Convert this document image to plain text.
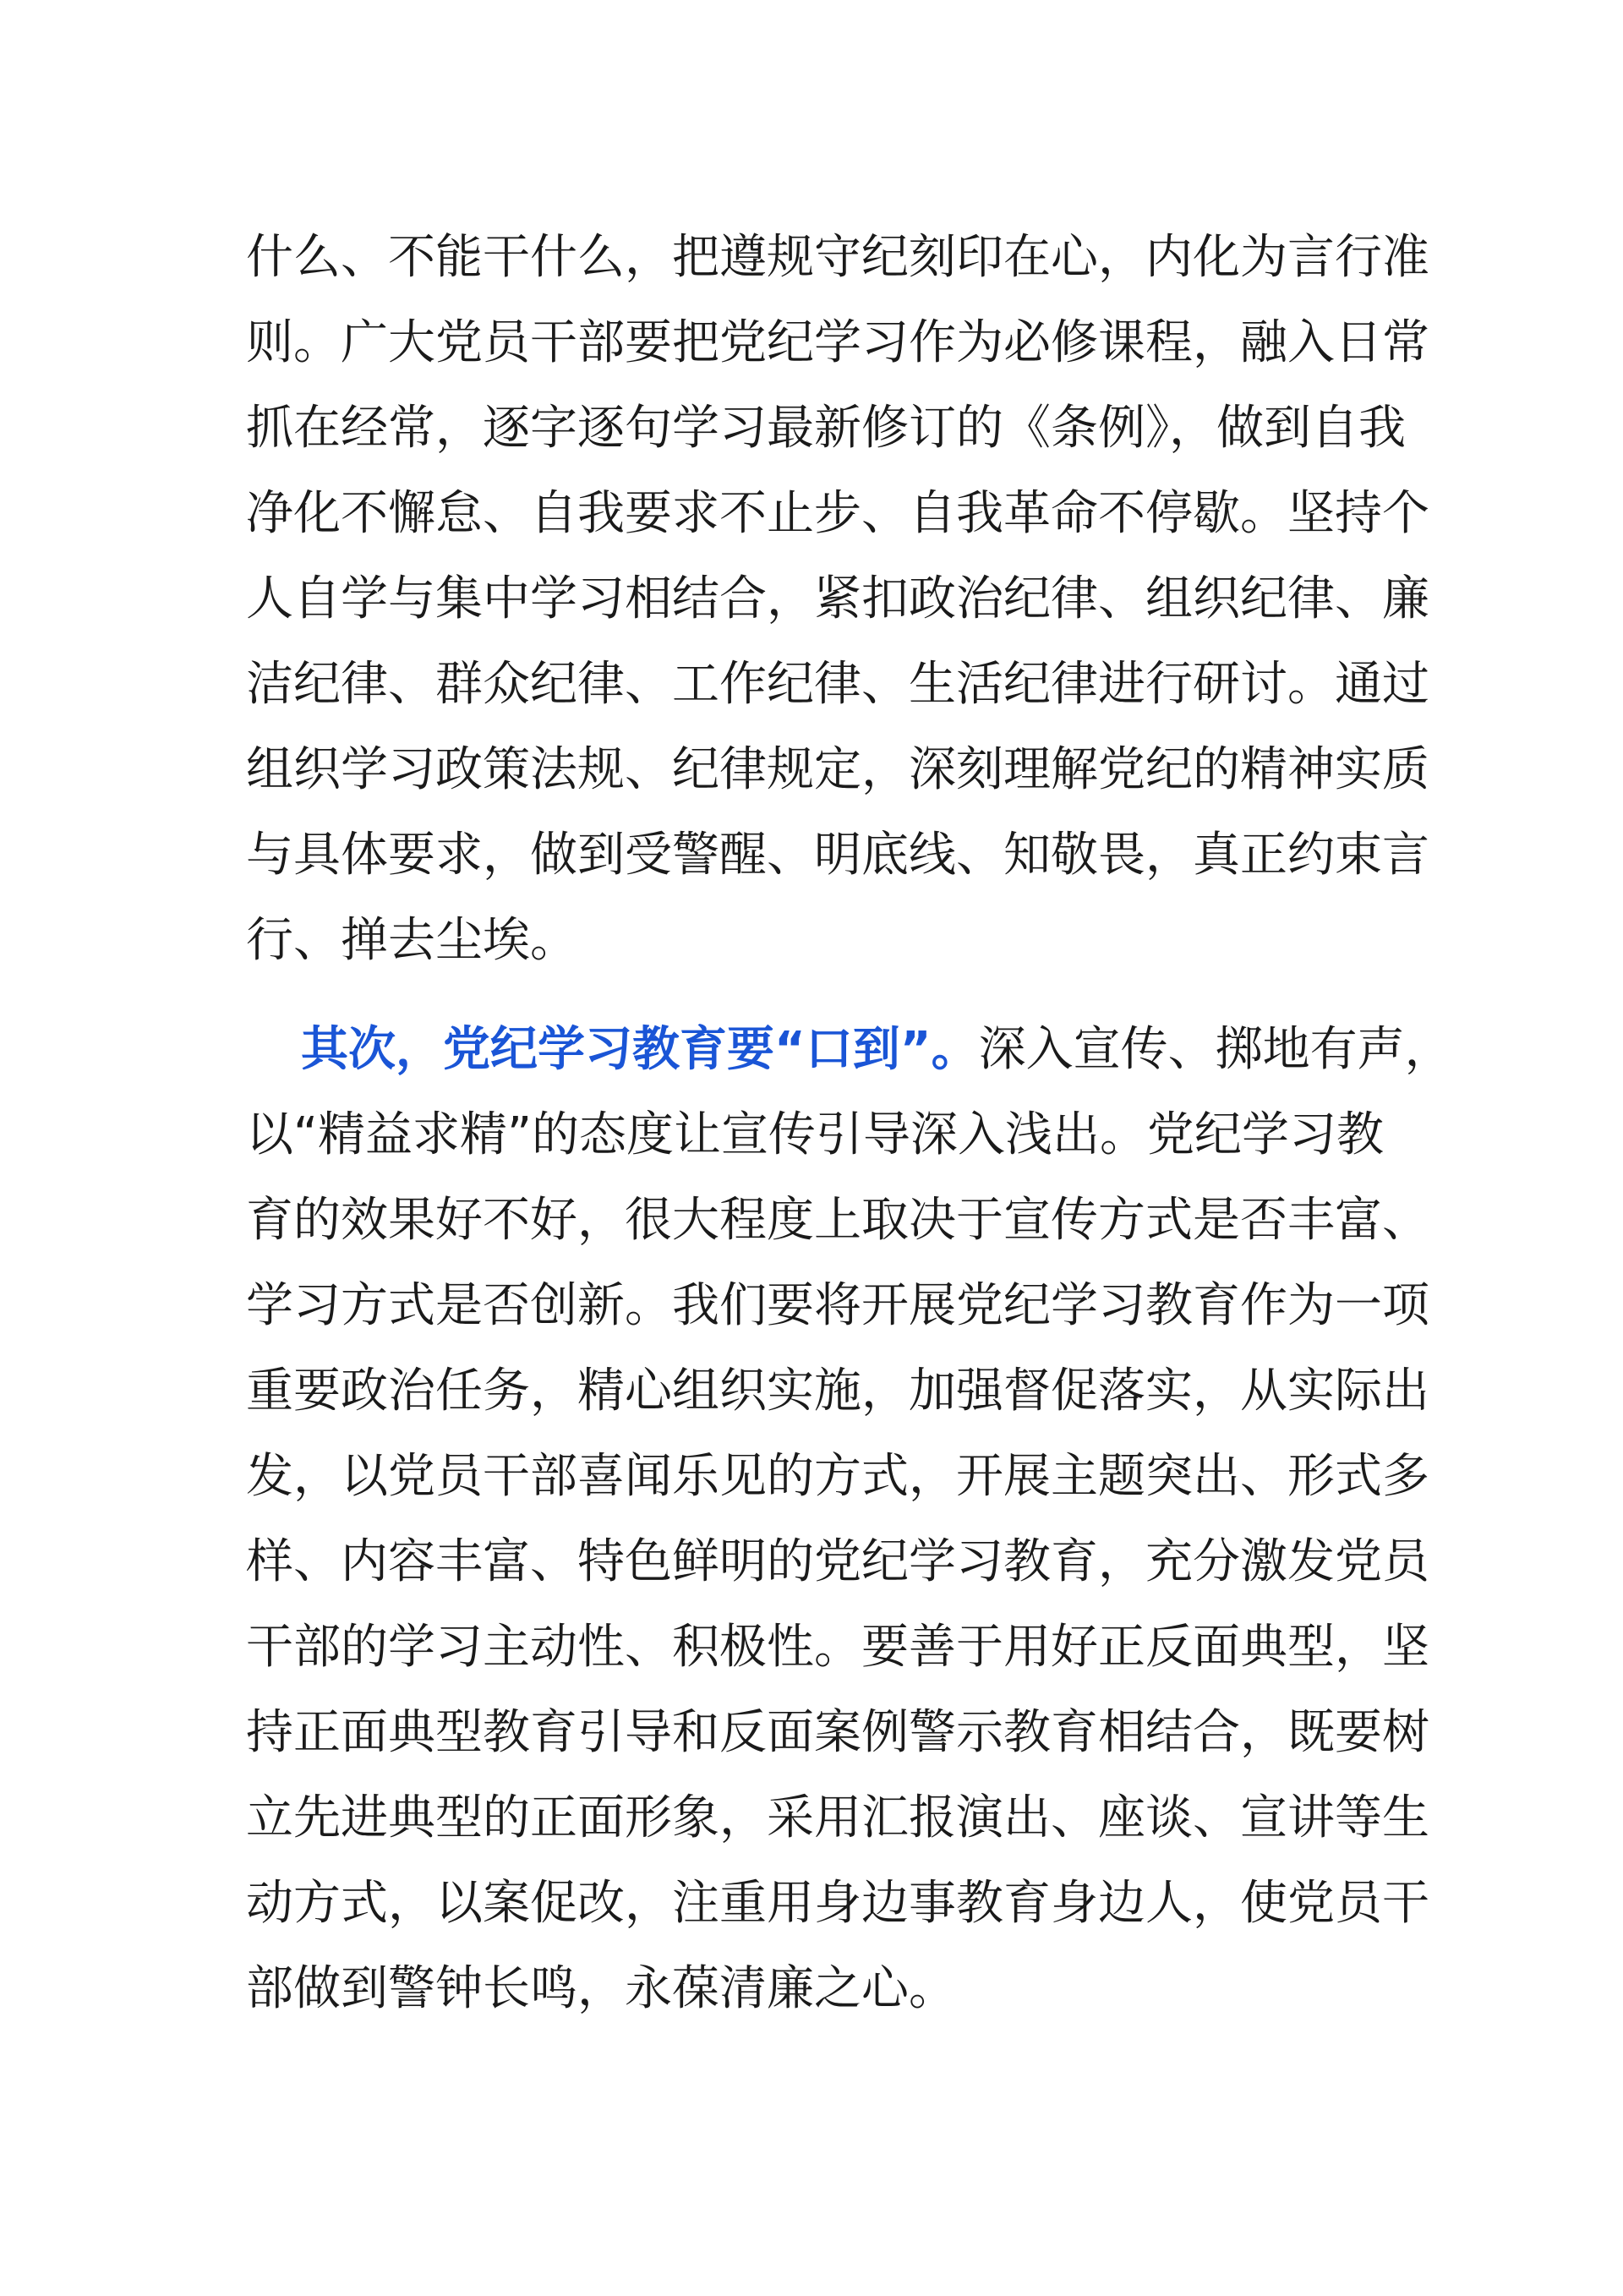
什么、不能干什么，把遵规守纪刻印在心，内化为言行准
则。广大党员干部要把党纪学习作为必修课程，融入日常
抓在经常，逐字逐句学习最新修订的《条例》，做到自我
净化不懈怠、自我要求不止步、自我革命不停歇。坚持个
人自学与集中学习相结合，紧扣政治纪律、组织纪律、廉
洁纪律、群众纪律、工作纪律、生活纪律进行研讨。通过
组织学习政策法规、纪律规定，深刻理解党纪的精神实质
与具体要求，做到受警醒、明底线、知敬畏，真正约束言
行、掸去尘埃。
其次，党纪学习教育要“口到”。深入宣传、掷地有声，
以“精益求精”的态度让宣传引导深入浅出。党纪学习教
育的效果好不好，很大程度上取决于宣传方式是否丰富、
学习方式是否创新。我们要将开展党纪学习教育作为一项
重要政治任务，精心组织实施，加强督促落实，从实际出
发，以党员干部喜闻乐见的方式，开展主题突出、形式多
样、内容丰富、特色鲜明的党纪学习教育，充分激发党员
干部的学习主动性、积极性。要善于用好正反面典型，坚
持正面典型教育引导和反面案例警示教育相结合，既要树
立先进典型的正面形象，采用汇报演出、座谈、宣讲等生
动方式，以案促改，注重用身边事教育身边人，使党员干
部做到警钟长鸣，永葆清廉之心。
